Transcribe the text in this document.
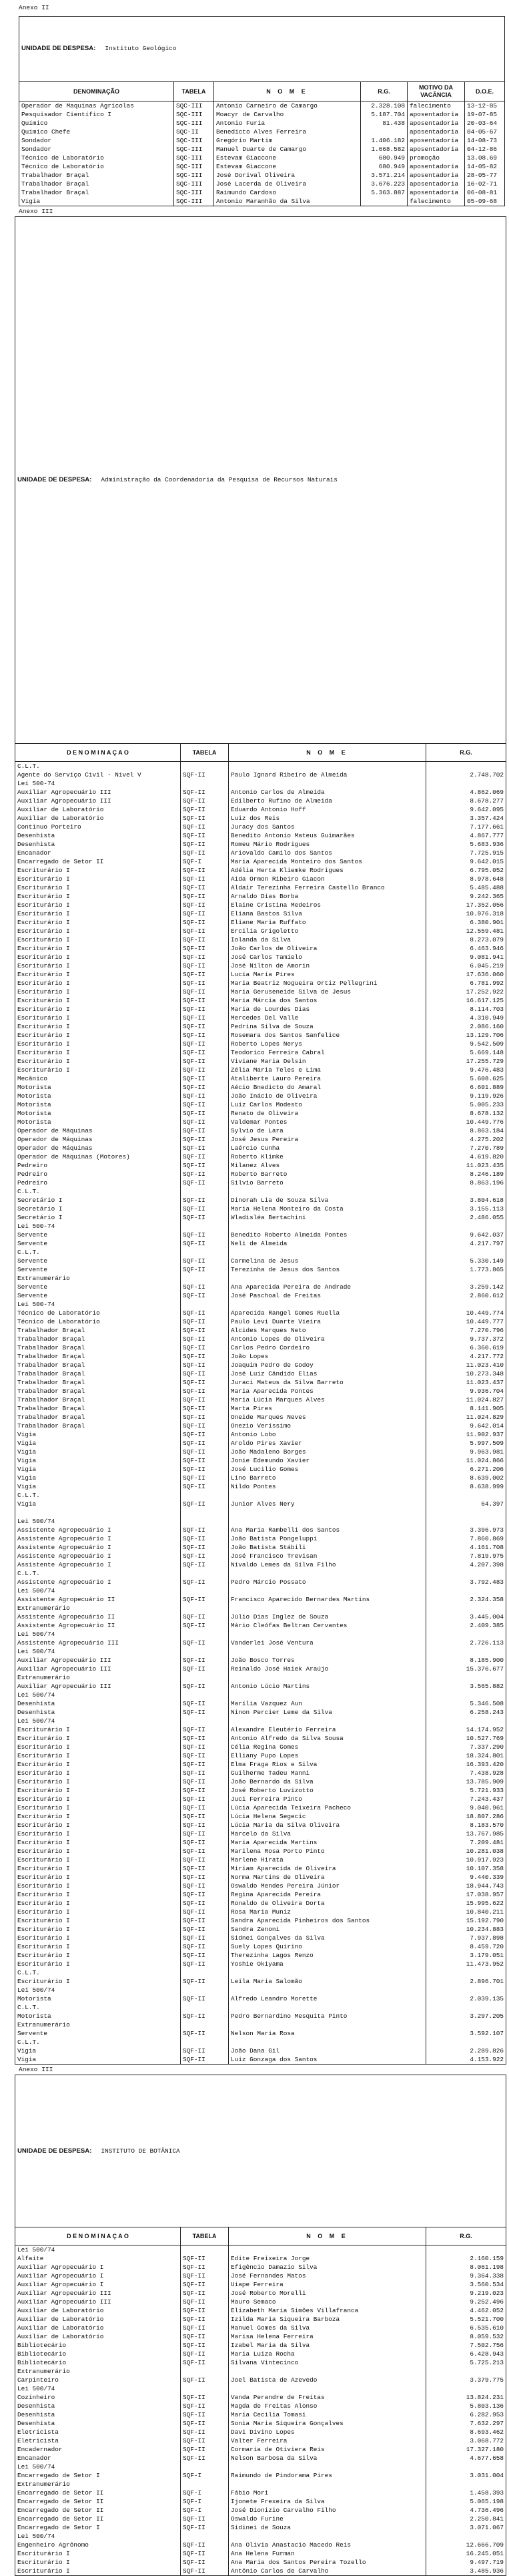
Anexo II
UNIDADE DE DESPESA: Instituto Geológico					
DENOMINAÇÃO	TABELA	N O M E	R.G.	MOTIVO DA VACÂNCIA	D.O.E.
Operador de Maquinas Agrícolas	SQC-III	Antonio Carneiro de Camargo	2.328.108	falecimento	13-12-85
Pesquisador Científico I	SQC-III	Moacyr de Carvalho	5.187.704	aposentadoria	19-07-85
Químico	SQC-III	Antonio Furia	81.438	aposentadoria	20-03-64
Químico Chefe	SQC-II	Benedicto Alves Ferreira		aposentadoria	04-05-67
Sondador	SQC-III	Gregório Martim	1.406.182	aposentadoria	14-08-73
Sondador	SQC-III	Manuel Duarte de Camargo	1.668.582	aposentadoria	04-12-86
Técnico de Laboratório	SQC-III	Estevam Giaccone	680.949	promoção	13.08.69
Técnico de Laboratório	SQC-III	Estevam Giaccone	680.949	aposentadoria	14-05-82
Trabalhador Braçal	SQC-III	José Dorival Oliveira	3.571.214	aposentadoria	28-05-77
Trabalhador Braçal	SQC-III	José Lacerda de Oliveira	3.676.223	aposentadoria	16-02-71
Trabalhador Braçal	SQC-III	Raimundo Cardoso	5.363.887	aposentadoria	06-08-81
Vigia	SQC-III	Antonio Maranhão da Silva		falecimento	05-09-68
Anexo III
UNIDADE DE DESPESA: Administração da Coordenadoria da Pesquisa de Recursos Naturais			
D E N O M I N A Ç A O	TABELA	N O M E	R.G.
C.L.T.			
Agente do Serviço Civil - Nível V	SQF-II	Paulo Ignard Ribeiro de Almeida	2.748.702
Lei 500-74			
Auxiliar Agropecuário III	SQF-II	Antonio Carlos de Almeida	4.862.069
Auxiliar Agropecuário III	SQF-II	Edilberto Rufino de Almeida	8.678.277
Auxiliar de Laboratório	SQF-II	Eduardo Antonio Hoff	9.642.095
Auxiliar de Laboratório	SQF-II	Luiz dos Reis	3.357.424
Contínuo Porteiro	SQF-II	Juracy dos Santos	7.177.661
Desenhista	SQF-II	Benedito Antonio Mateus Guimarães	4.867.777
Desenhista	SQF-II	Romeu Mário Rodrigues	5.683.936
Encanador	SQF-II	Ariovaldo Camilo dos Santos	7.725.915
Encarregado de Setor II	SQF-I	Maria Aparecida Monteiro dos Santos	9.642.015
Escriturário I	SQF-II	Adélia Herta Kliemke Rodrigues	6.795.052
Escriturário I	SQF-II	Aida Ormon Ribeiro Giacon	8.978.648
Escriturário I	SQF-II	Aldair Terezinha Ferreira Castello Branco	5.485.488
Escriturário I	SQF-II	Arnaldo Dias Borba	9.242.365
Escriturário I	SQF-II	Elaine Cristina Medeiros	17.352.056
Escriturário I	SQF-II	Eliana Bastos Silva	10.976.318
Escriturário I	SQF-II	Eliane Maria Ruffato	6.380.901
Escriturário I	SQF-II	Ercilia Grigoletto	12.559.481
Escriturário I	SQF-II	Iolanda da Silva	8.273.079
Escriturário I	SQF-II	João Carlos de Oliveira	6.463.946
Escriturário I	SQF-II	José Carlos Tamielo	9.081.941
Escriturário I	SQF-II	José Nilton de Amorin	6.045.219
Escriturário I	SQF-II	Lucia Maria Pires	17.636.060
Escriturário I	SQF-II	Maria Beatriz Nogueira Ortiz Pellegrini	6.781.992
Escriturário I	SQF-II	Maria Geruseneide Silva de Jesus	17.252.922
Escriturário I	SQF-II	Maria Márcia dos Santos	16.617.125
Escriturário I	SQF-II	Maria de Lourdes Dias	8.114.703
Escriturário I	SQF-II	Mercedes Del Valle	4.310.949
Escriturário I	SQF-II	Pedrina Silva de Souza	2.086.160
Escriturário I	SQF-II	Rosemara dos Santos Sanfelice	13.129.706
Escriturário I	SQF-II	Roberto Lopes Nerys	9.542.509
Escriturário I	SQF-II	Teodorico Ferreira Cabral	5.669.148
Escriturário I	SQF-II	Viviane Maria Delsin	17.255.729
Escriturário I	SQF-II	Zélia Maria Teles e Lima	9.476.483
Mecânico	SQF-II	Ataliberte Lauro Pereira	5.608.625
Motorista	SQF-II	Aécio Bnedicto do Amaral	6.601.889
Motorista	SQF-II	João Inácio de Oliveira	9.119.926
Motorista	SQF-II	Luiz Carlos Modesto	5.005.233
Motorista	SQF-II	Renato de Oliveira	8.678.132
Motorista	SQF-II	Valdemar Pontes	10.449.776
Operador de Máquinas	SQF-II	Sylvio de Lara	8.863.184
Operador de Máquinas	SQF-II	José Jesus Pereira	4.275.202
Operador de Máquinas	SQF-II	Laércio Cunha	7.270.789
Operador de Máquinas (Motores)	SQF-II	Roberto Klimke	4.619.820
Pedreiro	SQF-II	Milanez Alves	11.023.435
Pedreiro	SQF-II	Roberto Barreto	8.246.189
Pedreiro	SQF-II	Silvio Barreto	8.863.196
C.L.T.			
Secretário I	SQF-II	Dinorah Lia de Souza Silva	3.804.618
Secretário I	SQF-II	Maria Helena Monteiro da Costa	3.155.113
Secretário I	SQF-II	Wladisléa Bertachini	2.486.055
Lei 500-74			
Servente	SQF-II	Benedito Roberto Almeida Pontes	9.642.037
Servente	SQF-II	Neli de Almeida	4.217.797
C.L.T.			
Servente	SQF-II	Carmelina de Jesus	5.330.149
Servente	SQF-II	Terezinha de Jesus dos Santos	1.773.865
Extranumerário			
Servente	SQF-II	Ana Aparecida Pereira de Andrade	3.259.142
Servente	SQF-II	José Paschoal de Freitas	2.860.612
Lei 500-74			
Técnico de Laboratório	SQF-II	Aparecida Rangel Gomes Ruella	10.449.774
Técnico de Laboratório	SQF-II	Paulo Levi Duarte Vieira	10.449.777
Trabalhador Braçal	SQF-II	Alcides Marques Neto	7.270.796
Trabalhador Braçal	SQF-II	Antonio Lopes de Oliveira	9.737.372
Trabalhador Braçal	SQF-II	Carlos Pedro Cordeiro	6.360.619
Trabalhador Braçal	SQF-II	João Lopes	4.217.772
Trabalhador Braçal	SQF-II	Joaquim Pedro de Godoy	11.023.410
Trabalhador Braçal	SQF-II	José Luiz Cândido Elias	10.273.348
Trabalhador Braçal	SQF-II	Juraci Mateus da Silva Barreto	11.023.437
Trabalhador Braçal	SQF-II	Maria Aparecida Pontes	9.936.704
Trabalhador Braçal	SQF-II	Maria Lúcia Marques Alves	11.024.827
Trabalhador Braçal	SQF-II	Marta Pires	8.141.905
Trabalhador Braçal	SQF-II	Oneide Marques Neves	11.024.829
Trabalhador Braçal	SQF-II	Onezio Veríssimo	9.642.014
Vigia	SQF-II	Antonio Lobo	11.902.937
Vigia	SQF-II	Aroldo Pires Xavier	5.997.509
Vigia	SQF-II	João Madaleno Borges	9.963.981
Vigia	SQF-II	Jonie Edemundo Xavier	11.024.866
Vigia	SQF-II	José Lucilio Gomes	6.271.206
Vigia	SQF-II	Lino Barreto	8.639.002
Vigia	SQF-II	Nildo Pontes	8.638.999
C.L.T.			
Vigia	SQF-II	Junior Alves Nery	64.397

Lei 500/74			
Assistente Agropecuário I	SQF-II	Ana Maria Rambelli dos Santos	3.396.973
Assistente Agropecuário I	SQF-II	João Batista Pongeluppi	7.860.869
Assistente Agropecuário I	SQF-II	João Batista Stábili	4.161.708
Assistente Agropecuário I	SQF-II	José Francisco Trevisan	7.819.975
Assistente Agropecuário I	SQF-II	Nivaldo Lemes da Silva Filho	4.207.398
C.L.T.			
Assistente Agropecuário I	SQF-II	Pedro Márcio Possato	3.792.483
Lei 500/74			
Assistente Agropecuário II	SQF-II	Francisco Aparecido Bernardes Martins	2.324.358
Extranumerário			
Assistente Agropecuário II	SQF-II	Júlio Dias Inglez de Souza	3.445.004
Assistente Agropecuário II	SQF-II	Mário Cleófas Beltran Cervantes	2.409.385
Lei 500/74			
Assistente Agropecuário III	SQF-II	Vanderlei José Ventura	2.726.113
Lei 500/74			
Auxiliar Agropecuário III	SQF-II	João Bosco Torres	8.185.900
Auxiliar Agropecuário III	SQF-II	Reinaldo José Haiek Araújo	15.376.677
Extranumerário			
Auxiliar Agropecuário III	SQF-II	Antonio Lúcio Martins	3.565.882
Lei 500/74			
Desenhista	SQF-II	Marília Vazquez Aun	5.346.508
Desenhista	SQF-II	Ninon Percier Leme da Silva	6.258.243
Lei 500/74			
Escriturário I	SQF-II	Alexandre Eleutério Ferreira	14.174.952
Escriturário I	SQF-II	Antonio Alfredo da Silva Sousa	10.527.769
Escriturário I	SQF-II	Célia Regina Gomes	7.337.290
Escriturário I	SQF-II	Elliany Pupo Lopes	18.324.801
Escriturário I	SQF-II	Elma Fraga Rios e Silva	16.393.420
Escriturário I	SQF-II	Guilherme Tadeu Manni	7.438.928
Escriturário I	SQF-II	João Bernardo da Silva	13.785.909
Escriturário I	SQF-II	José Roberto Luvizotto	5.721.933
Escriturário I	SQF-II	Juci Ferreira Pinto	7.243.437
Escriturário I	SQF-II	Lúcia Aparecida Teixeira Pacheco	9.040.961
Escriturário I	SQF-II	Lúcia Helena Segecic	18.807.286
Escriturário I	SQF-II	Lúcia Maria da Silva Oliveira	8.183.570
Escriturário I	SQF-II	Marcelo da Silva	13.767.985
Escriturário I	SQF-II	Maria Aparecida Martins	7.209.481
Escriturário I	SQF-II	Marilena Rosa Porto Pinto	10.281.038
Escriturário I	SQF-II	Marlene Hirata	10.917.923
Escriturário I	SQF-II	Miriam Aparecida de Oliveira	10.107.358
Escriturário I	SQF-II	Norma Martins de Oliveira	9.440.339
Escriturário I	SQF-II	Oswaldo Mendes Pereira Júnior	18.944.743
Escriturário I	SQF-II	Regina Aparecida Pereira	17.038.957
Escriturário I	SQF-II	Ronaldo de Oliveira Dorta	15.995.622
Escriturário I	SQF-II	Rosa Maria Muniz	10.840.211
Escriturário I	SQF-II	Sandra Aparecida Pinheiros dos Santos	15.192.790
Escriturário I	SQF-II	Sandra Zenoni	10.234.883
Escriturário I	SQF-II	Sidnei Gonçalves da Silva	7.937.898
Escriturário I	SQF-II	Suely Lopes Quirino	8.459.720
Escriturário I	SQF-II	Therezinha Lagos Renzo	3.179.051
Escriturário I	SQF-II	Yoshie Okiyama	11.473.952
C.L.T.			
Escriturário I	SQF-II	Leila Maria Salomão	2.896.701
Lei 500/74			
Motorista	SQF-II	Alfredo Leandro Morette	2.039.135
C.L.T.			
Motorista	SQF-II	Pedro Bernardino Mesquita Pinto	3.297.205
Extranumerário			
Servente	SQF-II	Nelson Maria Rosa	3.592.107
C.L.T.			
Vigia	SQF-II	João Dana Gil	2.289.826
Vigia	SQF-II	Luiz Gonzaga dos Santos	4.153.922
Anexo III
UNIDADE DE DESPESA: INSTITUTO DE BOTÂNICA			
D E N O M I N A Ç A O	TABELA	N O M E	R.G.
Lei 500/74			
Alfaite	SQF-II	Edite Freixeira Jorge	2.160.159
Auxiliar Agropecuário I	SQF-II	Efigêncio Damazio Silva	8.061.198
Auxiliar Agropecuário I	SQF-II	José Fernandes Matos	9.364.338
Auxiliar Agropecuário I	SQF-II	Uiape Ferreira	3.560.534
Auxiliar Agropecuário III	SQF-II	José Roberto Morelli	9.219.023
Auxiliar Agropecuário III	SQF-II	Mauro Semaco	9.252.496
Auxiliar de Laboratório	SQF-II	Elizabeth Maria Simões Villafranca	4.462.052
Auxiliar de Laboratório	SQF-II	Izilda Maria Siqueira Barboza	5.521.700
Auxiliar de Laboratório	SQF-II	Manuel Gomes da Silva	6.535.610
Auxiliar de Laboratório	SQF-II	Marisa Helena Ferreira	8.059.532
Bibliotecário	SQF-II	Izabel Maria da Silva	7.502.756
Bibliotecário	SQF-II	Maria Luiza Rocha	6.428.943
Bibliotecário	SQF-II	Silvana Vintecinco	5.725.213
Extranumerário			
Carpinteiro	SQF-II	Joel Batista de Azevedo	3.379.775
Lei 500/74			
Cozinheiro	SQF-II	Vanda Perandre de Freitas	13.824.231
Desenhista	SQF-II	Magda de Freitas Alonso	5.803.136
Desenhista	SQF-II	Maria Cecilia Tomasi	6.282.953
Desenhista	SQF-II	Sonia Maria Siqueira Gonçalves	7.632.297
Eletricista	SQF-II	Davi Divino Lopes	8.693.462
Eletricista	SQF-II	Valter Ferreira	3.068.772
Encadernador	SQF-II	Cormaria de Otiviera Reis	17.327.180
Encanador	SQF-II	Nelson Barbosa da Silva	4.677.658
Lei 500/74			
Encarregado de Setor I	SQF-I	Raimundo de Pindorama Pires	3.031.004
Extranumerário			
Encarregado de Setor II	SQF-I	Fábio Mori	1.458.393
Encarregado de Setor II	SQF-I	Ijonete Frexeira da Silva	5.065.198
Encarregado de Setor II	SQF-I	José Dionizio Carvalho Filho	4.736.496
Encarregado de Setor II	SQF-II	Oswaldo Furine	2.250.841
Encarregado de Setor I	SQF-II	Sidinei de Souza	3.071.067
Lei 500/74			
Engenheiro Agrônomo	SQF-II	Ana Olivia Anastacio Macedo Reis	12.666.709
Escriturário I	SQF-II	Ana Helena Furman	16.245.051
Escriturário I	SQF-II	Ana Maria dos Santos Pereira Tozello	9.497.719
Escriturário I	SQF-II	Antônio Carlos de Carvalho	3.485.936
